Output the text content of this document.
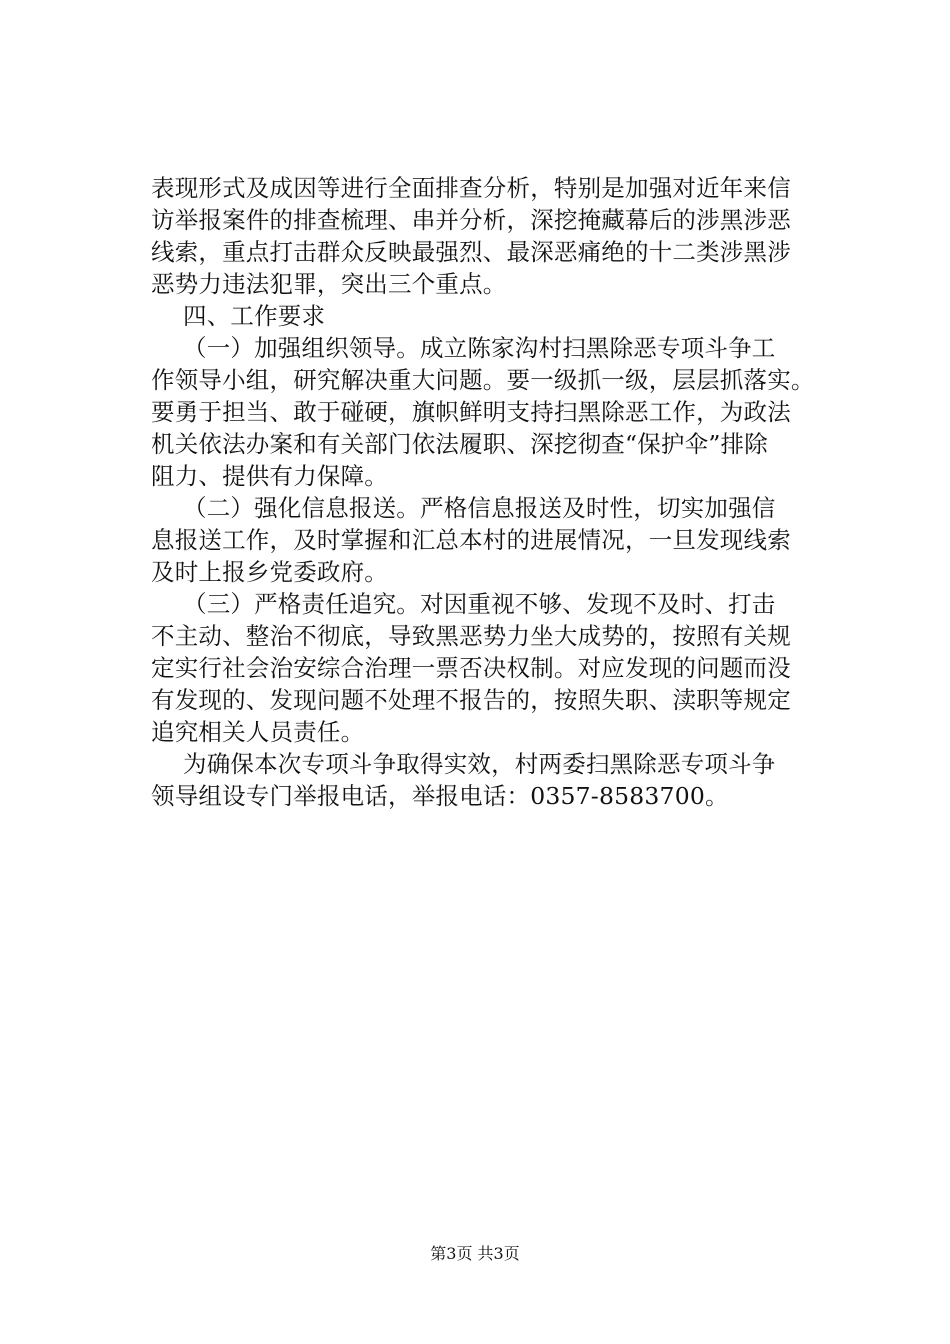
表现形式及成因等进行全面排查分析，特别是加强对近年来信
访举报案件的排查梳理、串并分析，深挖掩藏幕后的涉黑涉恶
线索，重点打击群众反映最强烈、最深恶痛绝的十二类涉黑涉
恶势力违法犯罪，突出三个重点。
四、工作要求
（一）加强组织领导。成立陈家沟村扫黑除恶专项斗争工
作领导小组，研究解决重大问题。要一级抓一级，层层抓落实。
要勇于担当、敢于碰硬，旗帜鲜明支持扫黑除恶工作，为政法
机关依法办案和有关部门依法履职、深挖彻查“保护伞”排除
阻力、提供有力保障。
（二）强化信息报送。严格信息报送及时性，切实加强信
息报送工作，及时掌握和汇总本村的进展情况，一旦发现线索
及时上报乡党委政府。
（三）严格责任追究。对因重视不够、发现不及时、打击
不主动、整治不彻底，导致黑恶势力坐大成势的，按照有关规
定实行社会治安综合治理一票否决权制。对应发现的问题而没
有发现的、发现问题不处理不报告的，按照失职、渎职等规定
追究相关人员责任。
为确保本次专项斗争取得实效，村两委扫黑除恶专项斗争
领导组设专门举报电话，举报电话：0357-8583700。
第3页 共3页
